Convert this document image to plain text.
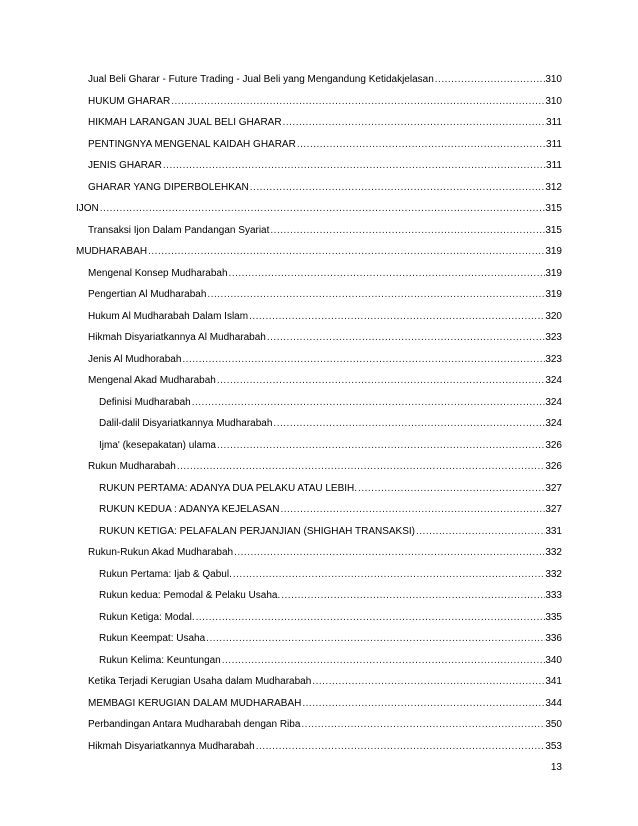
Jual Beli Gharar - Future Trading - Jual Beli yang Mengandung Ketidakjelasan .....	310
HUKUM GHARAR .....	310
HIKMAH LARANGAN JUAL BELI GHARAR .....	311
PENTINGNYA MENGENAL KAIDAH GHARAR .....	311
JENIS GHARAR .....	311
GHARAR YANG DIPERBOLEHKAN .....	312
IJON .....	315
Transaksi Ijon Dalam Pandangan Syariat .....	315
MUDHARABAH .....	319
Mengenal Konsep Mudharabah .....	319
Pengertian Al Mudharabah .....	319
Hukum Al Mudharabah Dalam Islam .....	320
Hikmah Disyariatkannya Al Mudharabah .....	323
Jenis Al Mudhorabah .....	323
Mengenal Akad Mudharabah .....	324
Definisi Mudharabah .....	324
Dalil-dalil Disyariatkannya Mudharabah .....	324
Ijma' (kesepakatan) ulama .....	326
Rukun Mudharabah .....	326
RUKUN PERTAMA: ADANYA DUA PELAKU ATAU LEBIH. .....	327
RUKUN KEDUA : ADANYA KEJELASAN .....	327
RUKUN KETIGA: PELAFALAN PERJANJIAN (SHIGHAH TRANSAKSI) .....	331
Rukun-Rukun Akad Mudharabah .....	332
Rukun Pertama: Ijab & Qabul. .....	332
Rukun kedua: Pemodal & Pelaku Usaha. .....	333
Rukun Ketiga: Modal. .....	335
Rukun Keempat: Usaha .....	336
Rukun Kelima: Keuntungan .....	340
Ketika Terjadi Kerugian Usaha dalam Mudharabah .....	341
MEMBAGI KERUGIAN DALAM MUDHARABAH .....	344
Perbandingan Antara Mudharabah dengan Riba .....	350
Hikmah Disyariatkannya Mudharabah .....	353
13
